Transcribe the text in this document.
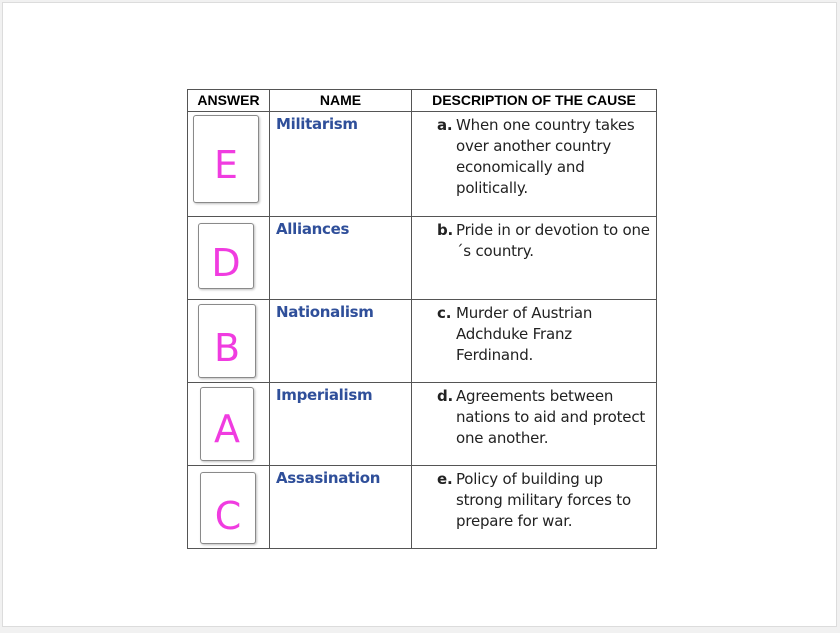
ANSWER	NAME	DESCRIPTION OF THE CAUSE

E	Militarism	a. When one country takes over another country economically and politically.

D	Alliances	b. Pride in or devotion to one´s country.

B	Nationalism	c. Murder of Austrian Adchduke Franz Ferdinand.

A	Imperialism	d. Agreements between nations to aid and protect one another.

C	Assasination	e. Policy of building up strong military forces to prepare for war.
